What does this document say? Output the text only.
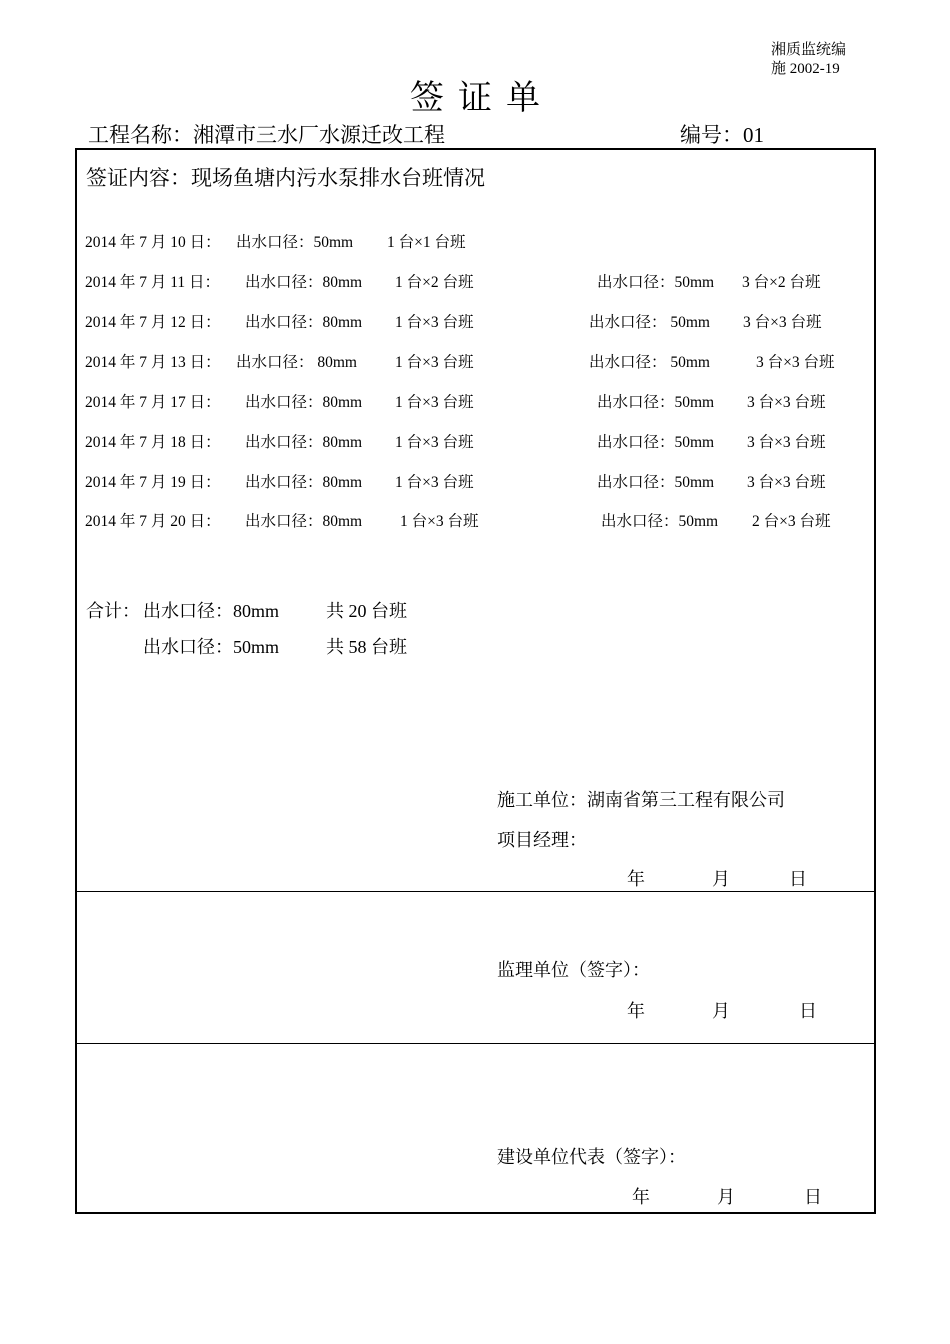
湘质监统编
施 2002-19
签证单
工程名称：湘潭市三水厂水源迁改工程	编号：01
签证内容：现场鱼塘内污水泵排水台班情况
2014 年 7 月 10 日： 出水口径：50mm 1 台×1 台班
2014 年 7 月 11 日： 出水口径：80mm 1 台×2 台班	出水口径：50mm 3 台×2 台班
2014 年 7 月 12 日： 出水口径：80mm 1 台×3 台班	出水口径： 50mm 3 台×3 台班
2014 年 7 月 13 日： 出水口径： 80mm 1 台×3 台班	出水口径： 50mm	3 台×3 台班
2014 年 7 月 17 日： 出水口径：80mm 1 台×3 台班	出水口径：50mm 3 台×3 台班
2014 年 7 月 18 日： 出水口径：80mm 1 台×3 台班	出水口径：50mm 3 台×3 台班
2014 年 7 月 19 日： 出水口径：80mm 1 台×3 台班	出水口径：50mm 3 台×3 台班
2014 年 7 月 20 日： 出水口径：80mm 1 台×3 台班	出水口径：50mm 2 台×3 台班
合计： 出水口径：80mm	共 20 台班
出水口径：50mm	共 58 台班
施工单位：湖南省第三工程有限公司
项目经理：
年	月	日
监理单位（签字）：
年	月	日
建设单位代表（签字）：
年	月	日
